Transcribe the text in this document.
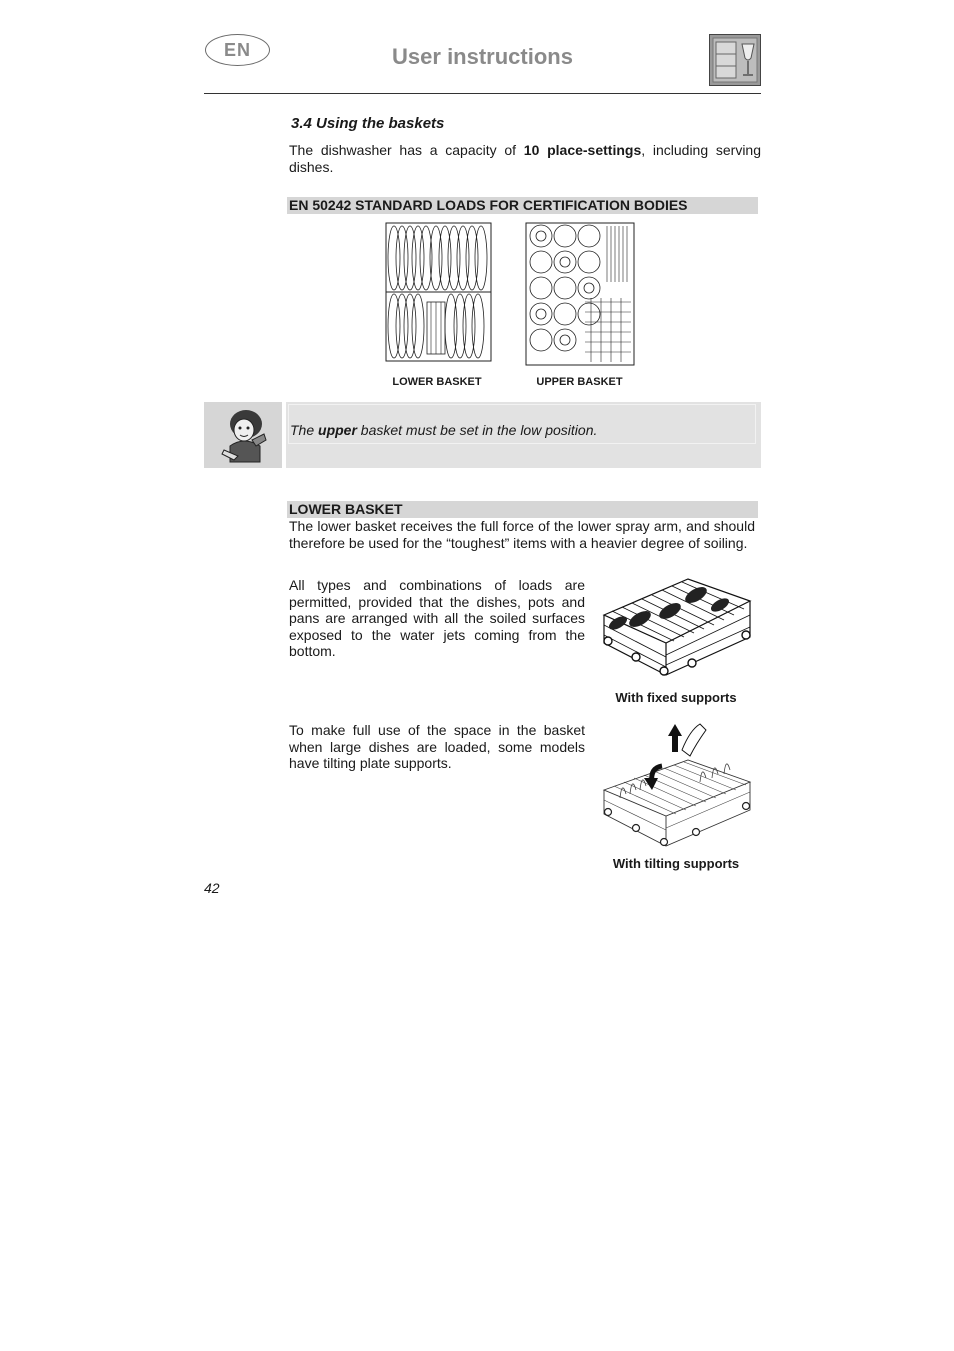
EN	User instructions
3.4 Using the baskets
The dishwasher has a capacity of 10 place-settings, including serving dishes.
EN 50242 STANDARD LOADS FOR CERTIFICATION BODIES
LOWER BASKET	UPPER BASKET
The upper basket must be set in the low position.
LOWER BASKET
The lower basket receives the full force of the lower spray arm, and should therefore be used for the “toughest” items with a heavier degree of soiling.
All types and combinations of loads are permitted, provided that the dishes, pots and pans are arranged with all the soiled surfaces exposed to the water jets coming from the bottom.
With fixed supports
To make full use of the space in the basket when large dishes are loaded, some models have tilting plate supports.
With tilting supports
42
